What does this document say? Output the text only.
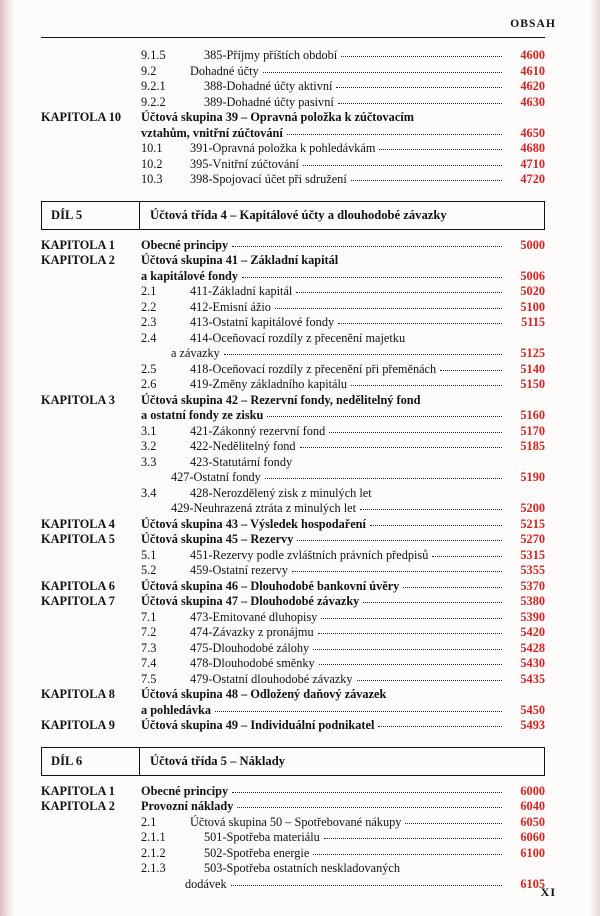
OBSAH
XI
9.1.5	385-Příjmy příštích období	4600
9.2	Dohadné účty	4610
9.2.1	388-Dohadné účty aktivní	4620
9.2.2	389-Dohadné účty pasivní	4630
KAPITOLA 10	Účtová skupina 39 – Opravná položka k zúčtovacím
vztahům, vnitřní zúčtování	4650
10.1	391-Opravná položka k pohledávkám	4680
10.2	395-Vnitřní zúčtování	4710
10.3	398-Spojovací účet při sdružení	4720
DÍL 5	Účtová třída 4 – Kapitálové účty a dlouhodobé závazky
KAPITOLA 1	Obecné principy	5000
KAPITOLA 2	Účtová skupina 41 – Základní kapitál
a kapitálové fondy	5006
2.1	411-Základní kapitál	5020
2.2	412-Emisní ážio	5100
2.3	413-Ostatní kapitálové fondy	5115
2.4	414-Oceňovací rozdíly z přecenění majetku
a závazky	5125
2.5	418-Oceňovací rozdíly z přecenění při přeměnách	5140
2.6	419-Změny základního kapitálu	5150
KAPITOLA 3	Účtová skupina 42 – Rezervní fondy, nedělitelný fond
a ostatní fondy ze zisku	5160
3.1	421-Zákonný rezervní fond	5170
3.2	422-Nedělitelný fond	5185
3.3	423-Statutární fondy
427-Ostatní fondy	5190
3.4	428-Nerozdělený zisk z minulých let
429-Neuhrazená ztráta z minulých let	5200
KAPITOLA 4	Účtová skupina 43 – Výsledek hospodaření	5215
KAPITOLA 5	Účtová skupina 45 – Rezervy	5270
5.1	451-Rezervy podle zvláštních právních předpisů	5315
5.2	459-Ostatní rezervy	5355
KAPITOLA 6	Účtová skupina 46 – Dlouhodobé bankovní úvěry	5370
KAPITOLA 7	Účtová skupina 47 – Dlouhodobé závazky	5380
7.1	473-Emitované dluhopisy	5390
7.2	474-Závazky z pronájmu	5420
7.3	475-Dlouhodobé zálohy	5428
7.4	478-Dlouhodobé směnky	5430
7.5	479-Ostatní dlouhodobé závazky	5435
KAPITOLA 8	Účtová skupina 48 – Odložený daňový závazek
a pohledávka	5450
KAPITOLA 9	Účtová skupina 49 – Individuální podnikatel	5493
DÍL 6	Účtová třída 5 – Náklady
KAPITOLA 1	Obecné principy	6000
KAPITOLA 2	Provozní náklady	6040
2.1	Účtová skupina 50 – Spotřebované nákupy	6050
2.1.1	501-Spotřeba materiálu	6060
2.1.2	502-Spotřeba energie	6100
2.1.3	503-Spotřeba ostatních neskladovaných
dodávek	6105
